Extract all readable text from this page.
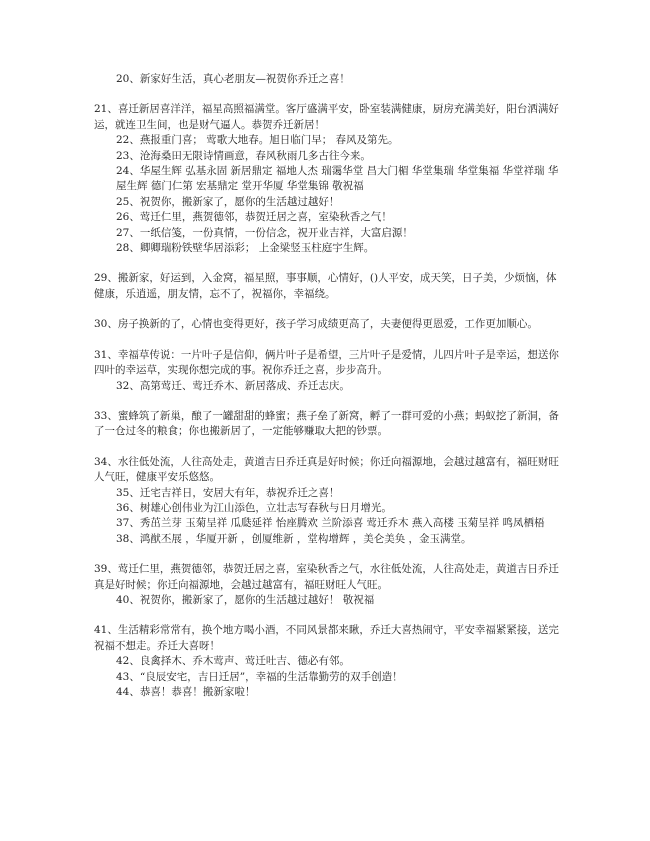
20、新家好生活，真心老朋友—祝贺你乔迁之喜！
21、喜迁新居喜洋洋，福星高照福满堂。客厅盛满平安，卧室装满健康，厨房充满美好，阳台洒满好运，就连卫生间，也是财气逼人。恭贺乔迁新居！
22、燕报重门喜； 莺歌大地春。旭日临门早； 春风及第先。
23、沧海桑田无限诗情画意，春风秋雨几多古往今来。
24、华屋生辉 弘基永固 新居鼎定 福地人杰 瑞霭华堂 昌大门楣 华堂集瑞 华堂集福 华堂祥瑞 华屋生辉 德门仁第 宏基鼎定 堂开华厦 华堂集锦 敬祝福
25、祝贺你，搬新家了，愿你的生活越过越好！
26、莺迁仁里，燕贺德邻，恭贺迁居之喜，室染秋香之气！
27、一纸信笺，一份真情，一份信念，祝开业吉祥，大富启源！
28、卿卿瑞粉铁壁华居添彩； 上金梁竖玉柱庭宇生辉。
29、搬新家，好运到，入金窝，福星照，事事顺，心情好，()人平安，成天笑，日子美，少烦恼，体健康，乐逍遥，朋友情，忘不了，祝福你，幸福绕。
30、房子换新的了，心情也变得更好，孩子学习成绩更高了，夫妻便得更恩爱，工作更加顺心。
31、幸福草传说：一片叶子是信仰，俩片叶子是希望，三片叶子是爱情，儿四片叶子是幸运，想送你四叶的幸运草，实现你想完成的事。祝你乔迁之喜，步步高升。
32、高第莺迁、莺迁乔木、新居落成、乔迁志庆。
33、蜜蜂筑了新巢，酿了一罐甜甜的蜂蜜；燕子垒了新窝，孵了一群可爱的小燕；蚂蚁挖了新洞，备了一仓过冬的粮食；你也搬新居了，一定能够赚取大把的钞票。
34、水往低处流，人往高处走，黄道吉日乔迁真是好时候；你迁向福源地，会越过越富有，福旺财旺人气旺，健康平安乐悠悠。
35、迁宅吉祥日，安居大有年，恭祝乔迁之喜！
36、树雄心创伟业为江山添色，立壮志写春秋与日月增光。
37、秀茁兰芽 玉菊呈祥 瓜瓞延祥 怡座腾欢 兰阶添喜 莺迁乔木 燕入高楼 玉菊呈祥 鸣凤栖梧
38、鸿猷丕展 ，华厦开新 ，创厦维新 ，堂构增辉 ，美仑美奂 ，金玉满堂。
39、莺迁仁里，燕贺德邻，恭贺迁居之喜，室染秋香之气，水往低处流，人往高处走，黄道吉日乔迁真是好时候；你迁向福源地，会越过越富有，福旺财旺人气旺。
40、祝贺你，搬新家了，愿你的生活越过越好！ 敬祝福
41、生活精彩常常有，换个地方喝小酒，不同风景都来瞅，乔迁大喜热闹守，平安幸福紧紧接，送完祝福不想走。乔迁大喜呀！
42、良禽择木、乔木莺声、莺迁吐吉、德必有邻。
43、“良辰安宅，吉日迁居”，幸福的生活靠勤劳的双手创造！
44、恭喜！恭喜！搬新家啦！
